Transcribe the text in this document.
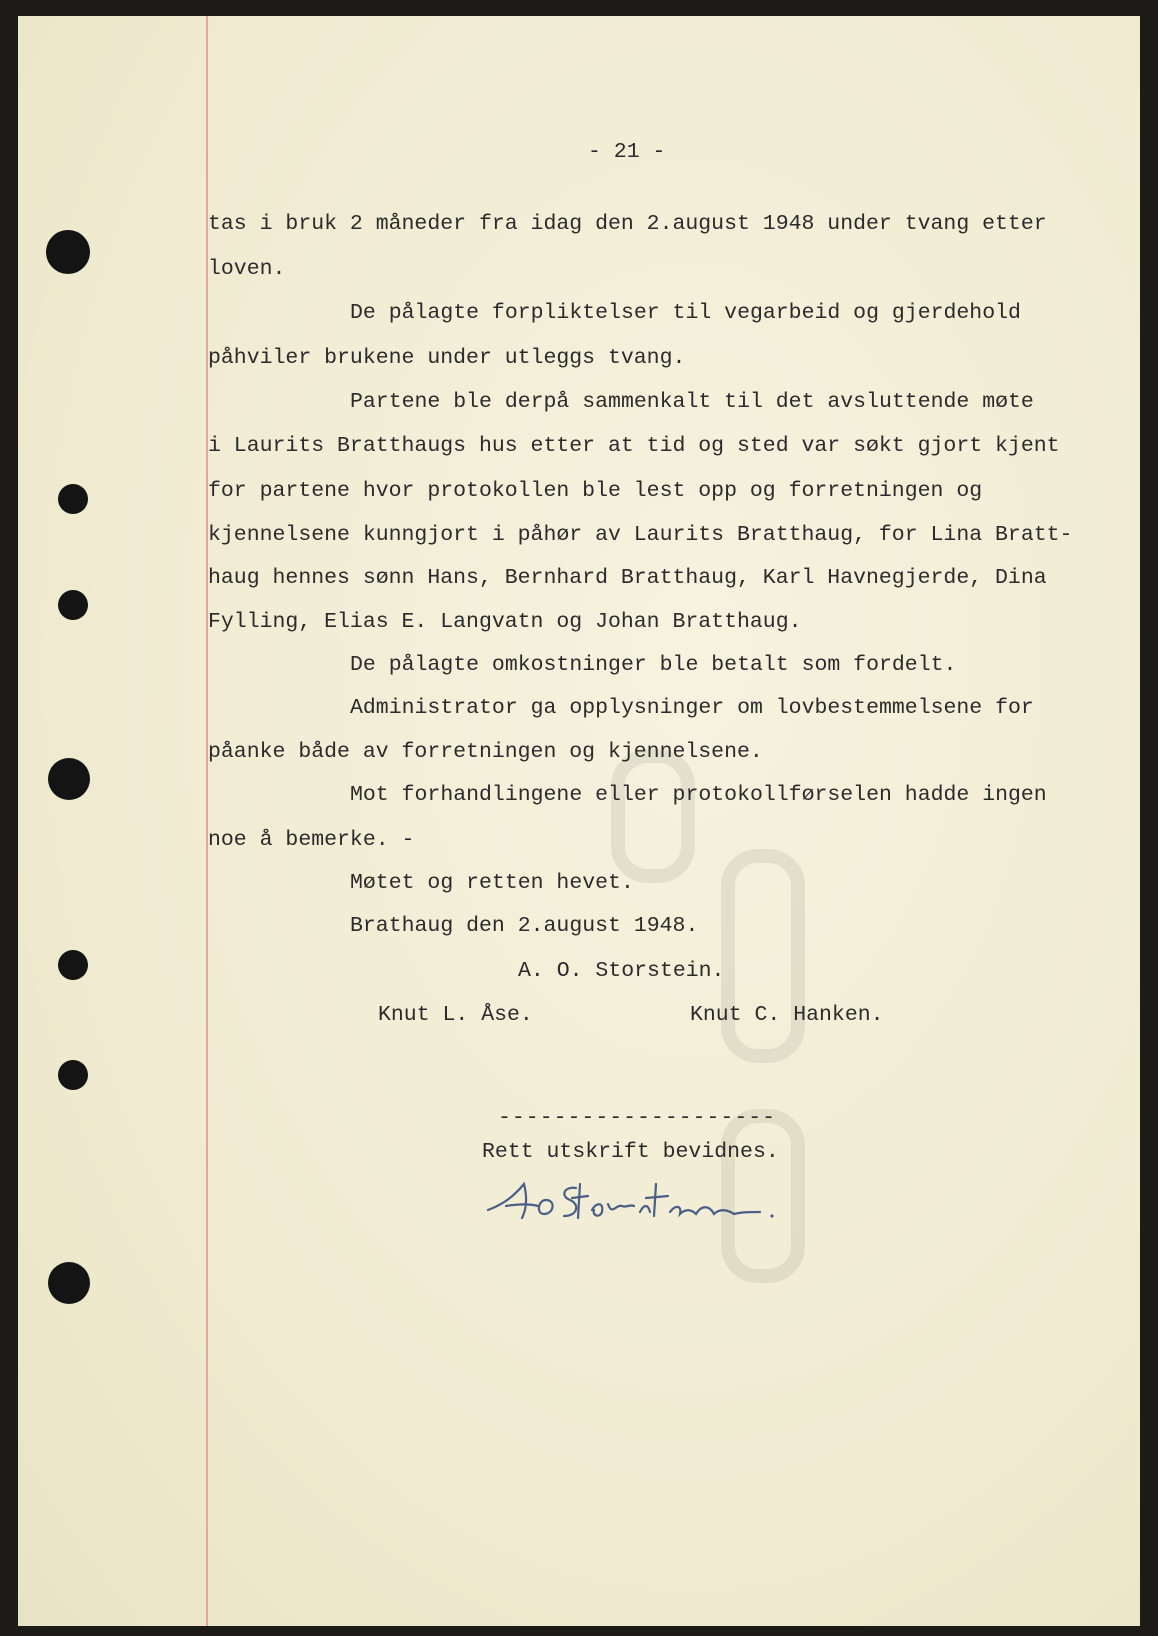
- 21 -
tas i bruk 2 måneder fra idag den 2.august 1948 under tvang etter
loven.
De pålagte forpliktelser til vegarbeid og gjerdehold
påhviler brukene under utleggs tvang.
Partene ble derpå sammenkalt til det avsluttende møte
i Laurits Bratthaugs hus etter at tid og sted var søkt gjort kjent
for partene hvor protokollen ble lest opp og forretningen og
kjennelsene kunngjort i påhør av Laurits Bratthaug, for Lina Bratt-
haug hennes sønn Hans, Bernhard Bratthaug, Karl Havnegjerde, Dina
Fylling, Elias E. Langvatn og Johan Bratthaug.
De pålagte omkostninger ble betalt som fordelt.
Administrator ga opplysninger om lovbestemmelsene for
påanke både av forretningen og kjennelsene.
Mot forhandlingene eller protokollførselen hadde ingen
noe å bemerke. -
Møtet og retten hevet.
Brathaug den 2.august 1948.
A. O. Storstein.
Knut L. Åse.	Knut C. Hanken.
--------------------
Rett utskrift bevidnes.
